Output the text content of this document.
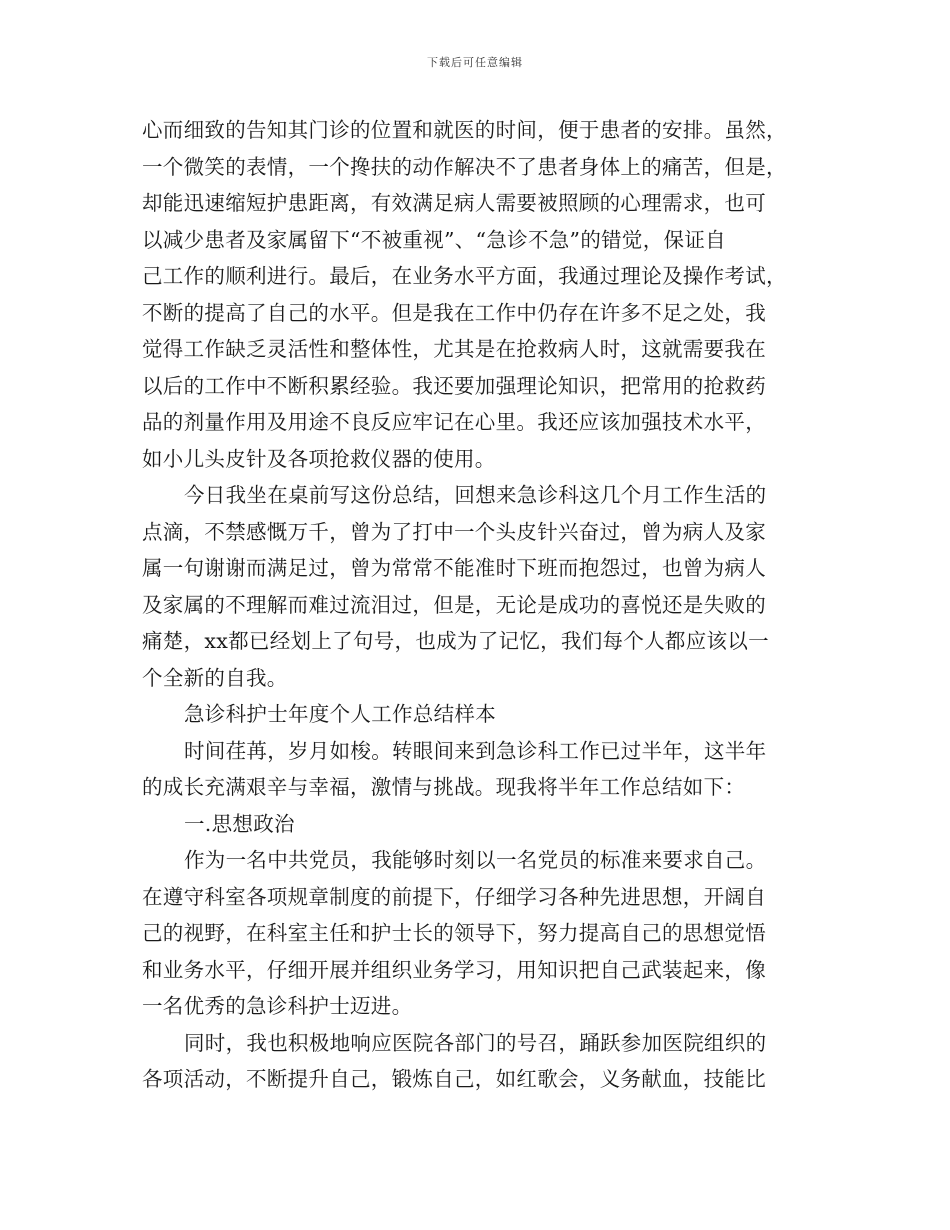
下载后可任意编辑
心而细致的告知其门诊的位置和就医的时间，便于患者的安排。虽然，
一个微笑的表情，一个搀扶的动作解决不了患者身体上的痛苦，但是，
却能迅速缩短护患距离，有效满足病人需要被照顾的心理需求，也可
以减少患者及家属留下“不被重视”、“急诊不急”的错觉，保证自
己工作的顺利进行。最后，在业务水平方面，我通过理论及操作考试，
不断的提高了自己的水平。但是我在工作中仍存在许多不足之处，我
觉得工作缺乏灵活性和整体性，尤其是在抢救病人时，这就需要我在
以后的工作中不断积累经验。我还要加强理论知识，把常用的抢救药
品的剂量作用及用途不良反应牢记在心里。我还应该加强技术水平，
如小儿头皮针及各项抢救仪器的使用。
今日我坐在桌前写这份总结，回想来急诊科这几个月工作生活的
点滴，不禁感慨万千，曾为了打中一个头皮针兴奋过，曾为病人及家
属一句谢谢而满足过，曾为常常不能准时下班而抱怨过，也曾为病人
及家属的不理解而难过流泪过，但是，无论是成功的喜悦还是失败的
痛楚，xx都已经划上了句号，也成为了记忆，我们每个人都应该以一
个全新的自我。
急诊科护士年度个人工作总结样本
时间荏苒，岁月如梭。转眼间来到急诊科工作已过半年，这半年
的成长充满艰辛与幸福，激情与挑战。现我将半年工作总结如下：
一.思想政治
作为一名中共党员，我能够时刻以一名党员的标准来要求自己。
在遵守科室各项规章制度的前提下，仔细学习各种先进思想，开阔自
己的视野，在科室主任和护士长的领导下，努力提高自己的思想觉悟
和业务水平，仔细开展并组织业务学习，用知识把自己武装起来，像
一名优秀的急诊科护士迈进。
同时，我也积极地响应医院各部门的号召，踊跃参加医院组织的
各项活动，不断提升自己，锻炼自己，如红歌会，义务献血，技能比
